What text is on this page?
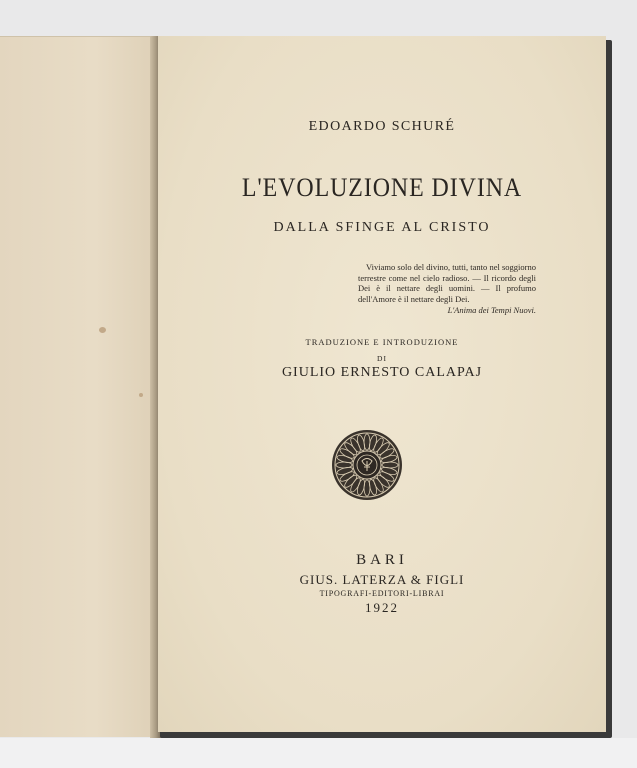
EDOARDO SCHURÉ
L'EVOLUZIONE DIVINA
DALLA SFINGE AL CRISTO
Viviamo solo del divino, tutti, tanto nel soggiorno terrestre come nel cielo radioso. — Il ricordo degli Dei è il nettare degli uomini. — Il profumo dell'Amore è il nettare degli Dei.
L'Anima dei Tempi Nuovi.
TRADUZIONE E INTRODUZIONE
DI
GIULIO ERNESTO CALAPAJ
BARI
GIUS. LATERZA & FIGLI
TIPOGRAFI-EDITORI-LIBRAI
1922
